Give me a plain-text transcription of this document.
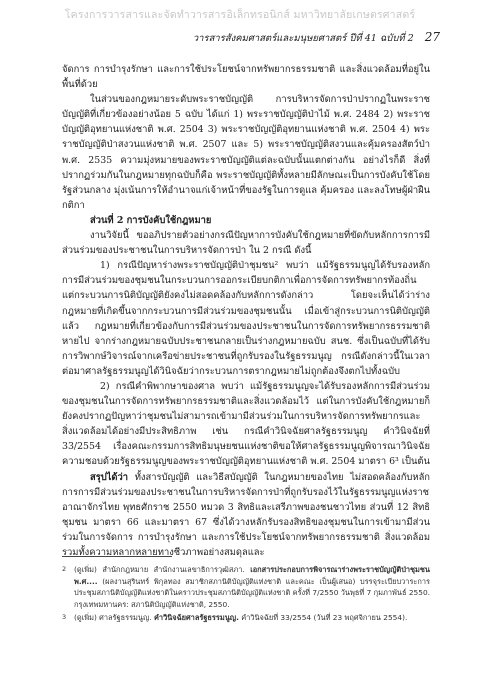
โครงการวารสารและจัดทำวารสารอิเล็กทรอนิกส์ มหาวิทยาลัยเกษตรศาสตร์
วารสารสังคมศาสตร์และมนุษยศาสตร์ ปีที่ 41 ฉบับที่ 2 27

จัดการ การบำรุงรักษา และการใช้ประโยชน์จากทรัพยากรธรรมชาติ และสิ่งแวดล้อมที่อยู่ในพื้นที่ด้วย

ในส่วนของกฎหมายระดับพระราชบัญญัติ การบริหารจัดการป่าปรากฏในพระราชบัญญัติที่เกี่ยวข้องอย่างน้อย 5 ฉบับ ได้แก่ 1) พระราชบัญญัติป่าไม้ พ.ศ. 2484 2) พระราชบัญญัติอุทยานแห่งชาติ พ.ศ. 2504 3) พระราชบัญญัติอุทยานแห่งชาติ พ.ศ. 2504 4) พระราชบัญญัติป่าสงวนแห่งชาติ พ.ศ. 2507 และ 5) พระราชบัญญัติสงวนและคุ้มครองสัตว์ป่า พ.ศ. 2535 ความมุ่งหมายของพระราชบัญญัติแต่ละฉบับนั้นแตกต่างกัน อย่างไรก็ดี สิ่งที่ปรากฏร่วมกันในกฎหมายทุกฉบับก็คือ พระราชบัญญัติทั้งหลายมีลักษณะเป็นการบังคับใช้โดยรัฐส่วนกลาง มุ่งเน้นการให้อำนาจแก่เจ้าหน้าที่ของรัฐในการดูแล คุ้มครอง และลงโทษผู้ฝ่าฝืนกติกา

ส่วนที่ 2 การบังคับใช้กฎหมาย

งานวิจัยนี้ ขออภิปรายตัวอย่างกรณีปัญหาการบังคับใช้กฎหมายที่ขัดกับหลักการการมีส่วนร่วมของประชาชนในการบริหารจัดการป่า ใน 2 กรณี ดังนี้

1) กรณีปัญหาร่างพระราชบัญญัติป่าชุมชน² พบว่า แม้รัฐธรรมนูญได้รับรองหลักการมีส่วนร่วมของชุมชนในกระบวนการออกระเบียบกติกาเพื่อการจัดการทรัพยากรท้องถิ่น แต่กระบวนการนิติบัญญัติยังคงไม่สอดคล้องกับหลักการดังกล่าว โดยจะเห็นได้ว่าร่างกฎหมายที่เกิดขึ้นจากกระบวนการมีส่วนร่วมของชุมชนนั้น เมื่อเข้าสู่กระบวนการนิติบัญญัติแล้ว กฎหมายที่เกี่ยวข้องกับการมีส่วนร่วมของประชาชนในการจัดการทรัพยากรธรรมชาติหายไป จากร่างกฎหมายฉบับประชาชนกลายเป็นร่างกฎหมายฉบับ สนช. ซึ่งเป็นฉบับที่ได้รับการวิพากษ์วิจารณ์จากเครือข่ายประชาชนที่ถูกรับรองในรัฐธรรมนูญ กรณีดังกล่าวนี้ในเวลาต่อมาศาลรัฐธรรมนูญได้วินิจฉัยว่ากระบวนการตรากฎหมายไม่ถูกต้องจึงตกไปทั้งฉบับ

2) กรณีคำพิพากษาของศาล พบว่า แม้รัฐธรรมนูญจะได้รับรองหลักการมีส่วนร่วมของชุมชนในการจัดการทรัพยากรธรรมชาติและสิ่งแวดล้อมไว้ แต่ในการบังคับใช้กฎหมายก็ยังคงปรากฏปัญหาว่าชุมชนไม่สามารถเข้ามามีส่วนร่วมในการบริหารจัดการทรัพยากรและสิ่งแวดล้อมได้อย่างมีประสิทธิภาพ เช่น กรณีคำวินิจฉัยศาลรัฐธรรมนูญ คำวินิจฉัยที่ 33/2554 เรื่องคณะกรรมการสิทธิมนุษยชนแห่งชาติขอให้ศาลรัฐธรรมนูญพิจารณาวินิจฉัยความชอบด้วยรัฐธรรมนูญของพระราชบัญญัติอุทยานแห่งชาติ พ.ศ. 2504 มาตรา 6³ เป็นต้น

สรุปได้ว่า ทั้งสารบัญญัติ และวิธีสบัญญัติ ในกฎหมายของไทย ไม่สอดคล้องกับหลักการการมีส่วนร่วมของประชาชนในการบริหารจัดการป่าที่ถูกรับรองไว้ในรัฐธรรมนูญแห่งราชอาณาจักรไทย พุทธศักราช 2550 หมวด 3 สิทธิและเสรีภาพของชนชาวไทย ส่วนที่ 12 สิทธิชุมชน มาตรา 66 และมาตรา 67 ซึ่งได้วางหลักรับรองสิทธิของชุมชนในการเข้ามามีส่วนร่วมในการจัดการ การบำรุงรักษา และการใช้ประโยชน์จากทรัพยากรธรรมชาติ สิ่งแวดล้อมรวมทั้งความหลากหลายทางชีวภาพอย่างสมดุลและ

2	(ดูเพิ่ม) สำนักกฎหมาย สำนักงานเลขาธิการวุฒิสภา. เอกสารประกอบการพิจารณาร่างพระราชบัญญัติป่าชุมชน พ.ศ.... (ผลงานสุรินทร์ พิกุลทอง สมาชิกสภานิติบัญญัติแห่งชาติ และคณะ เป็นผู้เสนอ) บรรจุระเบียบวาระการประชุมสภานิติบัญญัติแห่งชาติในคราวประชุมสภานิติบัญญัติแห่งชาติ ครั้งที่ 7/2550 วันพุธที่ 7 กุมภาพันธ์ 2550. กรุงเทพมหานคร: สภานิติบัญญัติแห่งชาติ, 2550.
3	(ดูเพิ่ม) ศาลรัฐธรรมนูญ. คำวินิจฉัยศาลรัฐธรรมนูญ. คำวินิจฉัยที่ 33/2554 (วันที่ 23 พฤศจิกายน 2554).
